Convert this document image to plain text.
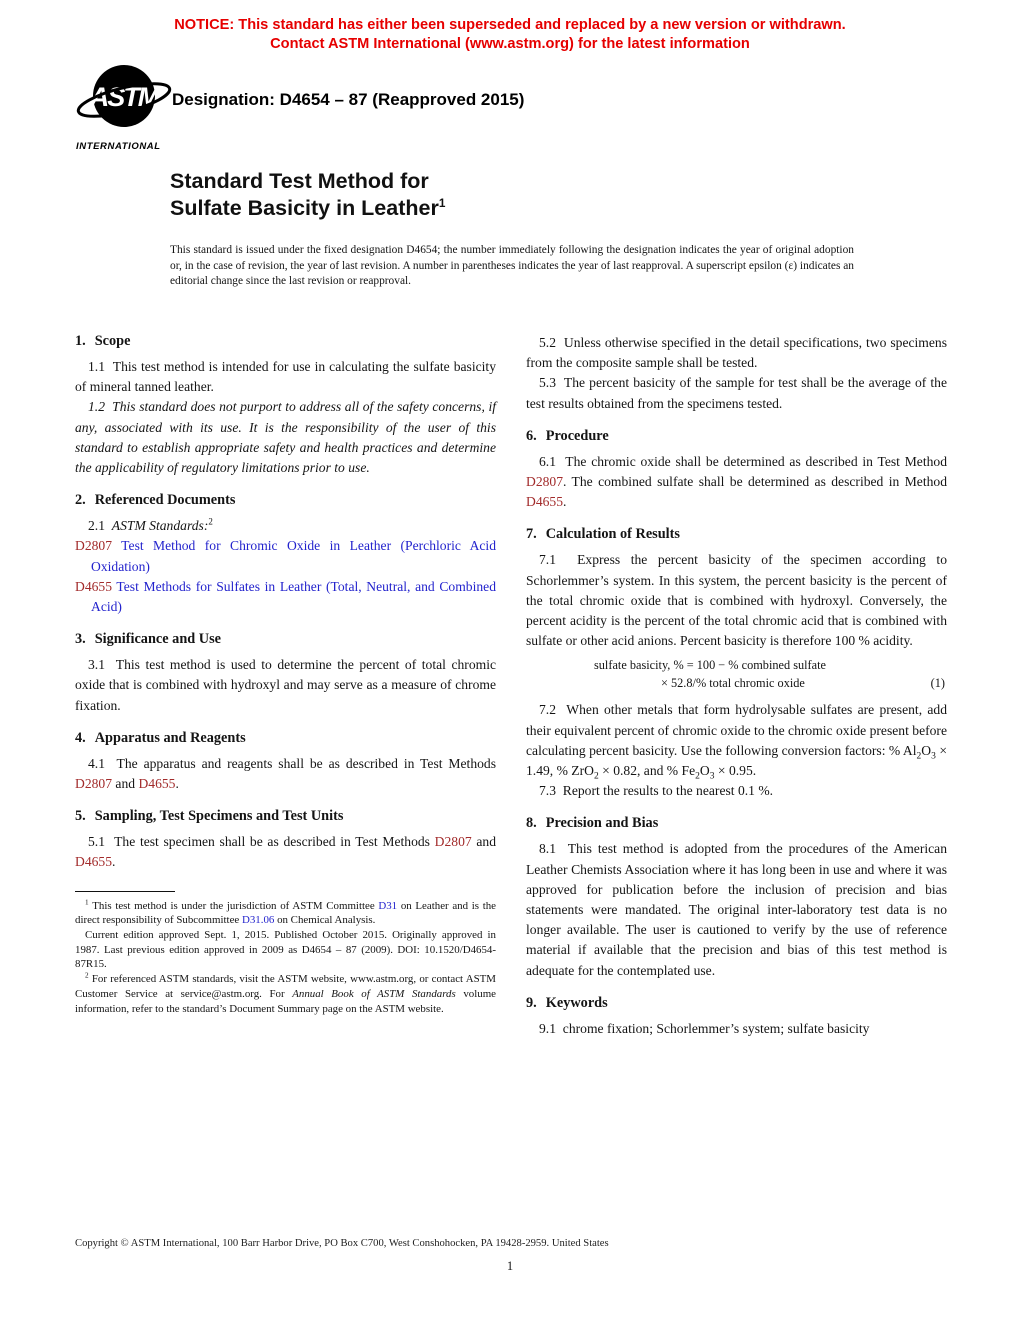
NOTICE: This standard has either been superseded and replaced by a new version or withdrawn.
Contact ASTM International (www.astm.org) for the latest information
ASTM
INTERNATIONAL
Designation: D4654 – 87 (Reapproved 2015)
Standard Test Method for
Sulfate Basicity in Leather$^1$

This standard is issued under the fixed designation D4654; the number immediately following the designation indicates the year of original adoption or, in the case of revision, the year of last revision. A number in parentheses indicates the year of last reapproval. A superscript epsilon (ε) indicates an editorial change since the last revision or reapproval.

1. Scope

1.1  This test method is intended for use in calculating the sulfate basicity of mineral tanned leather.

1.2  This standard does not purport to address all of the safety concerns, if any, associated with its use. It is the responsibility of the user of this standard to establish appropriate safety and health practices and determine the applicability of regulatory limitations prior to use.

2. Referenced Documents

2.1  ASTM Standards:$^2$

D2807 Test Method for Chromic Oxide in Leather (Perchloric Acid Oxidation)

D4655 Test Methods for Sulfates in Leather (Total, Neutral, and Combined Acid)

3. Significance and Use

3.1  This test method is used to determine the percent of total chromic oxide that is combined with hydroxyl and may serve as a measure of chrome fixation.

4. Apparatus and Reagents

4.1  The apparatus and reagents shall be as described in Test Methods D2807 and D4655.

5. Sampling, Test Specimens and Test Units

5.1  The test specimen shall be as described in Test Methods D2807 and D4655.

$^1$ This test method is under the jurisdiction of ASTM Committee D31 on Leather and is the direct responsibility of Subcommittee D31.06 on Chemical Analysis.

Current edition approved Sept. 1, 2015. Published October 2015. Originally approved in 1987. Last previous edition approved in 2009 as D4654 – 87 (2009). DOI: 10.1520/D4654-87R15.

$^2$ For referenced ASTM standards, visit the ASTM website, www.astm.org, or contact ASTM Customer Service at service@astm.org. For Annual Book of ASTM Standards volume information, refer to the standard’s Document Summary page on the ASTM website.

5.2  Unless otherwise specified in the detail specifications, two specimens from the composite sample shall be tested.

5.3  The percent basicity of the sample for test shall be the average of the test results obtained from the specimens tested.

6. Procedure

6.1  The chromic oxide shall be determined as described in Test Method D2807. The combined sulfate shall be determined as described in Method D4655.

7. Calculation of Results

7.1  Express the percent basicity of the specimen according to Schorlemmer’s system. In this system, the percent basicity is the percent of the total chromic oxide that is combined with hydroxyl. Conversely, the percent acidity is the percent of the total chromic acid that is combined with sulfate or other acid anions. Percent basicity is therefore 100 % acidity.

sulfate basicity, % = 100 − % combined sulfate
× 52.8/% total chromic oxide	(1)

7.2  When other metals that form hydrolysable sulfates are present, add their equivalent percent of chromic oxide to the chromic oxide present before calculating percent basicity. Use the following conversion factors: % $Al_2O_3 \times 1.49$, % ZrO$_2$ × 0.82, and % $Fe_2O_3 \times 0.95$.

7.3  Report the results to the nearest 0.1 %.

8. Precision and Bias

8.1  This test method is adopted from the procedures of the American Leather Chemists Association where it has long been in use and where it was approved for publication before the inclusion of precision and bias statements were mandated. The original inter-laboratory test data is no longer available. The user is cautioned to verify by the use of reference material if available that the precision and bias of this test method is adequate for the contemplated use.

9. Keywords

9.1  chrome fixation; Schorlemmer’s system; sulfate basicity

Copyright © ASTM International, 100 Barr Harbor Drive, PO Box C700, West Conshohocken, PA 19428-2959. United States
1
